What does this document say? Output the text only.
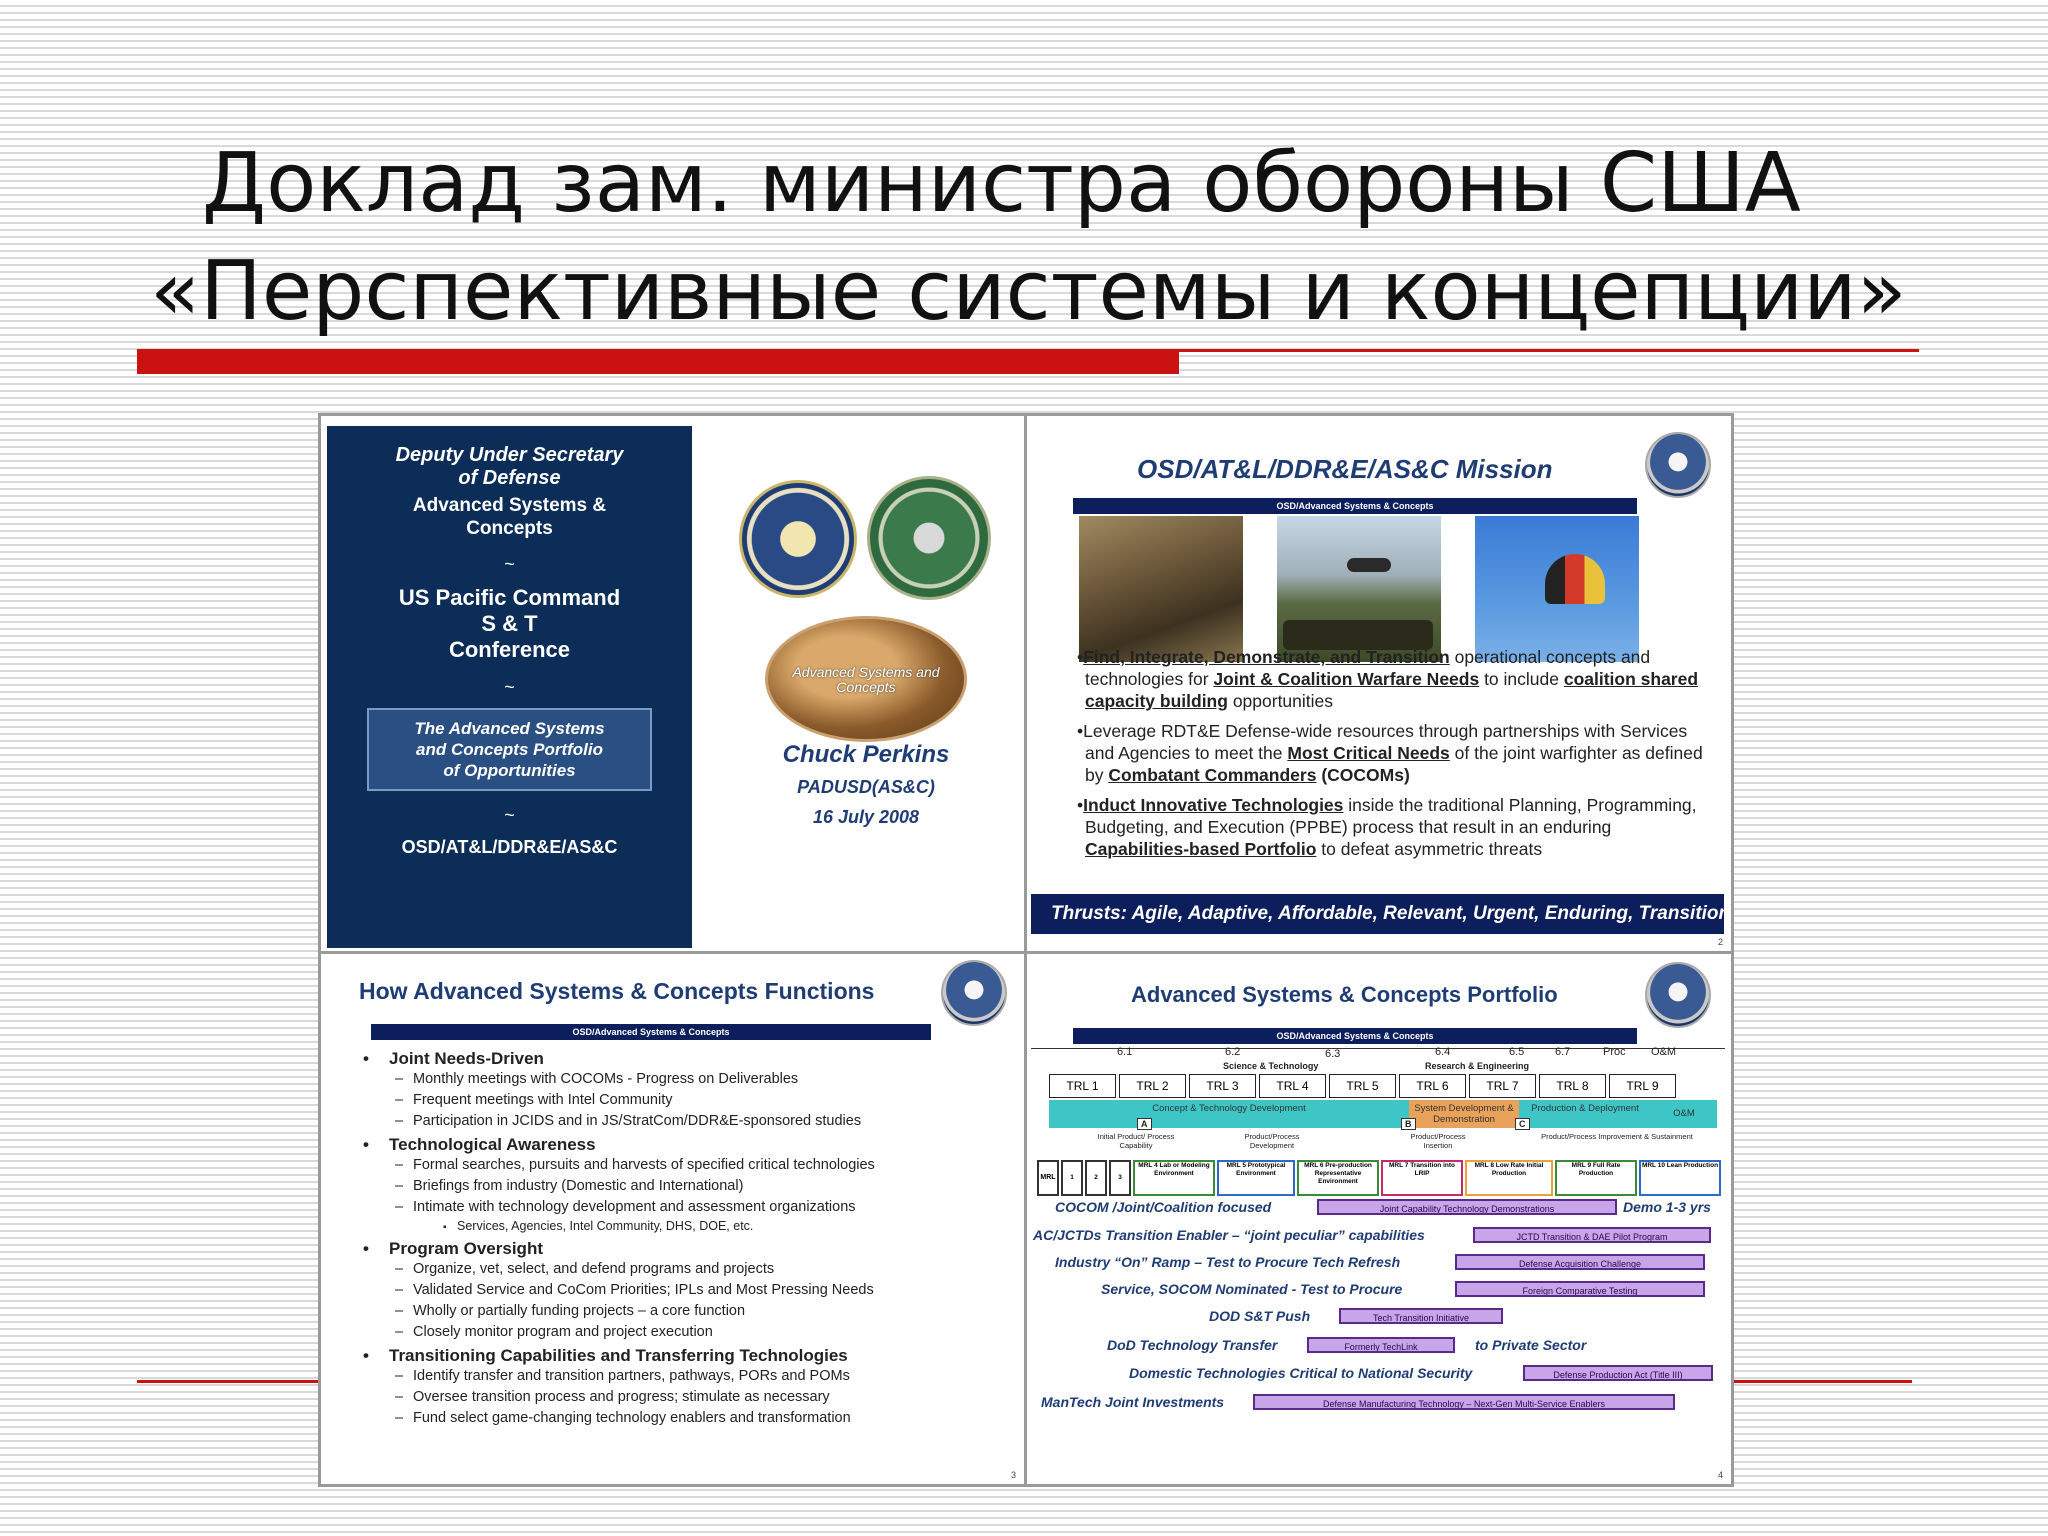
Доклад зам. министра обороны США
«Перспективные системы и концепции»
Deputy Under Secretary
of Defense
Advanced Systems &
Concepts
~
US Pacific Command
S & T
Conference
~
The Advanced Systems
and Concepts Portfolio
of Opportunities
~
OSD/AT&L/DDR&E/AS&C
Advanced Systems and Concepts
Chuck Perkins
PADUSD(AS&C)
16 July 2008
OSD/AT&L/DDR&E/AS&C Mission
OSD/Advanced Systems & Concepts

•Find, Integrate, Demonstrate, and Transition operational concepts and technologies for Joint & Coalition Warfare Needs to include coalition shared capacity building opportunities

•Leverage RDT&E Defense-wide resources through partnerships with Services and Agencies to meet the Most Critical Needs of the joint warfighter as defined by Combatant Commanders (COCOMs)

•Induct Innovative Technologies inside the traditional Planning, Programming, Budgeting, and Execution (PPBE) process that result in an enduring Capabilities-based Portfolio to defeat asymmetric threats

Thrusts: Agile, Adaptive, Affordable, Relevant, Urgent, Enduring, Transition
2
How Advanced Systems & Concepts Functions
OSD/Advanced Systems & Concepts
• Joint Needs-Driven
– Monthly meetings with COCOMs - Progress on Deliverables
– Frequent meetings with Intel Community
– Participation in JCIDS and in JS/StratCom/DDR&E-sponsored studies
• Technological Awareness
– Formal searches, pursuits and harvests of specified critical technologies
– Briefings from industry (Domestic and International)
– Intimate with technology development and assessment organizations
▪ Services, Agencies, Intel Community, DHS, DOE, etc.
• Program Oversight
– Organize, vet, select, and defend programs and projects
– Validated Service and CoCom Priorities; IPLs and Most Pressing Needs
– Wholly or partially funding projects – a core function
– Closely monitor program and project execution
• Transitioning Capabilities and Transferring Technologies
– Identify transfer and transition partners, pathways, PORs and POMs
– Oversee transition process and progress; stimulate as necessary
– Fund select game-changing technology enablers and transformation
3
Advanced Systems & Concepts Portfolio
OSD/Advanced Systems & Concepts
6.1	6.2	6.3	6.4	6.5	6.7	Proc O&M
Science & Technology	Research & Engineering
TRL 1	TRL 2	TRL 3	TRL 4	TRL 5	TRL 6	TRL 7	TRL 8	TRL 9
Concept & Technology Development	System Development & Demonstration
Production & Deployment	O&M
A	B	C
Initial Product/ Process Capability
Product/Process Development
Product/Process Insertion
Product/Process Improvement & Sustainment
MRL	1	2	3
MRL 4 Lab or Modeling Environment
MRL 5 Prototypical Environment
MRL 6 Pre-production Representative Environment
MRL 7 Transition into LRIP
MRL 8 Low Rate Initial Production
MRL 9 Full Rate Production
MRL 10 Lean Production
COCOM /Joint/Coalition focused	Joint Capability Technology Demonstrations	Demo 1-3 yrs
AC/JCTDs Transition Enabler – “joint peculiar” capabilities	JCTD Transition & DAE Pilot Program
Industry “On” Ramp – Test to Procure Tech Refresh	Defense Acquisition Challenge
Service, SOCOM Nominated - Test to Procure	Foreign Comparative Testing
DOD S&T Push	Tech Transition Initiative
DoD Technology Transfer	Formerly TechLink	to Private Sector
Domestic Technologies Critical to National Security	Defense Production Act (Title III)
ManTech Joint Investments	Defense Manufacturing Technology – Next-Gen Multi-Service Enablers
4
